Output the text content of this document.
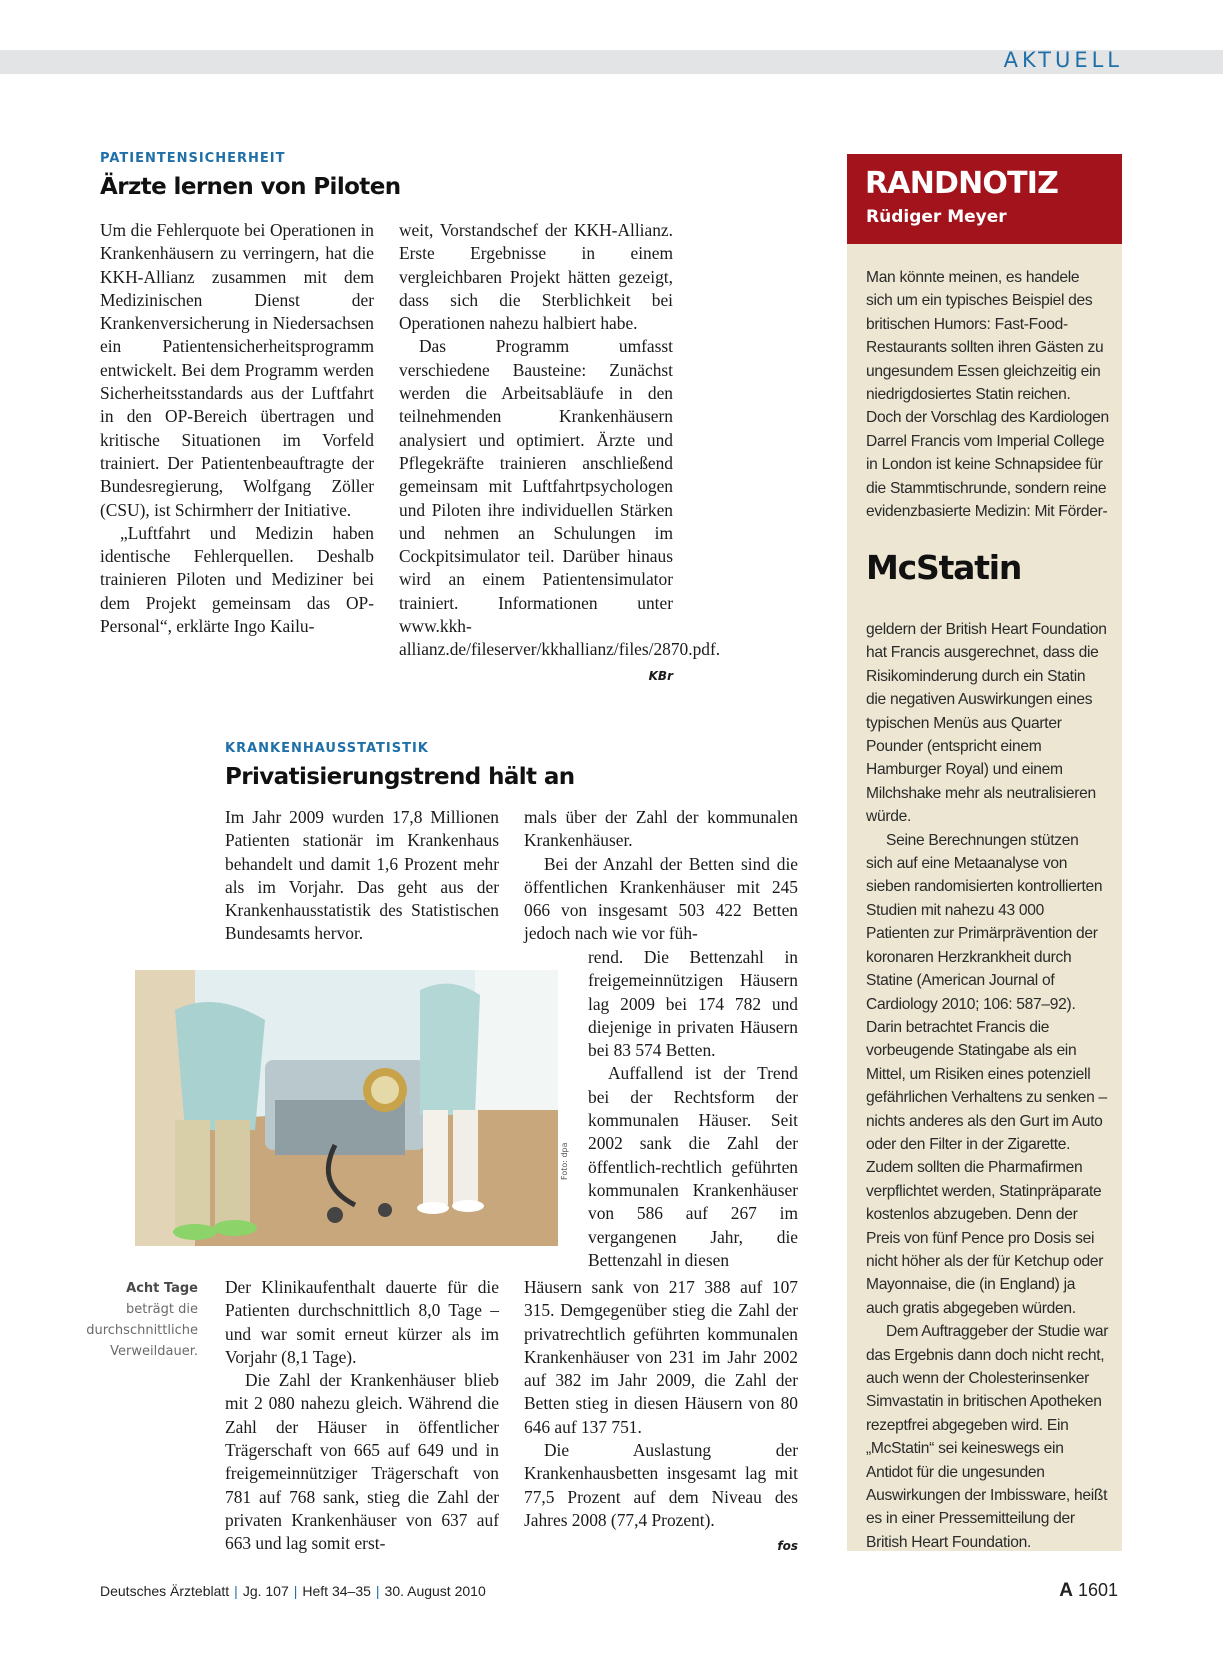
AKTUELL
PATIENTENSICHERHEIT
Ärzte lernen von Piloten

Um die Fehlerquote bei Operationen in Krankenhäusern zu verringern, hat die KKH-Allianz zusammen mit dem Medizinischen Dienst der Krankenversicherung in Niedersachsen ein Patientensicherheitsprogramm entwickelt. Bei dem Programm werden Sicherheitsstandards aus der Luftfahrt in den OP-Bereich übertragen und kritische Situationen im Vorfeld trainiert. Der Patientenbeauftragte der Bundesregierung, Wolfgang Zöller (CSU), ist Schirmherr der Initiative.

„Luftfahrt und Medizin haben identische Fehlerquellen. Deshalb trainieren Piloten und Mediziner bei dem Projekt gemeinsam das OP-Personal“, erklärte Ingo Kailu-

weit, Vorstandschef der KKH-Allianz. Erste Ergebnisse in einem vergleichbaren Projekt hätten gezeigt, dass sich die Sterblichkeit bei Operationen nahezu halbiert habe.

Das Programm umfasst verschiedene Bausteine: Zunächst werden die Arbeitsabläufe in den teilnehmenden Krankenhäusern analysiert und optimiert. Ärzte und Pflegekräfte trainieren anschließend gemeinsam mit Luftfahrtpsychologen und Piloten ihre individuellen Stärken und nehmen an Schulungen im Cockpitsimulator teil. Darüber hinaus wird an einem Patientensimulator trainiert. Informationen unter www.kkh-allianz.de/fileserver/kkhallianz/files/2870.pdf.

KBr
KRANKENHAUSSTATISTIK
Privatisierungstrend hält an

Im Jahr 2009 wurden 17,8 Millionen Patienten stationär im Krankenhaus behandelt und damit 1,6 Prozent mehr als im Vorjahr. Das geht aus der Krankenhausstatistik des Statistischen Bundesamts hervor.

mals über der Zahl der kommunalen Krankenhäuser.

Bei der Anzahl der Betten sind die öffentlichen Krankenhäuser mit 245 066 von insgesamt 503 422 Betten jedoch nach wie vor füh-

rend. Die Bettenzahl in freigemeinnützigen Häusern lag 2009 bei 174 782 und diejenige in privaten Häusern bei 83 574 Betten.

Auffallend ist der Trend bei der Rechtsform der kommunalen Häuser. Seit 2002 sank die Zahl der öffentlich-rechtlich geführten kommunalen Krankenhäuser von 586 auf 267 im vergangenen Jahr, die Bettenzahl in diesen

Häusern sank von 217 388 auf 107 315. Demgegenüber stieg die Zahl der privatrechtlich geführten kommunalen Krankenhäuser von 231 im Jahr 2002 auf 382 im Jahr 2009, die Zahl der Betten stieg in diesen Häusern von 80 646 auf 137 751.

Die Auslastung der Krankenhausbetten insgesamt lag mit 77,5 Prozent auf dem Niveau des Jahres 2008 (77,4 Prozent).

fos
Foto: dpa
Acht Tage beträgt die durchschnittliche Verweildauer.

Der Klinikaufenthalt dauerte für die Patienten durchschnittlich 8,0 Tage – und war somit erneut kürzer als im Vorjahr (8,1 Tage).

Die Zahl der Krankenhäuser blieb mit 2 080 nahezu gleich. Während die Zahl der Häuser in öffentlicher Trägerschaft von 665 auf 649 und in freigemeinnütziger Trägerschaft von 781 auf 768 sank, stieg die Zahl der privaten Krankenhäuser von 637 auf 663 und lag somit erst-

RANDNOTIZ
Rüdiger Meyer

Man könnte meinen, es handele sich um ein typisches Beispiel des britischen Humors: Fast-Food-Restaurants sollten ihren Gästen zu ungesundem Essen gleichzeitig ein niedrigdosiertes Statin reichen. Doch der Vorschlag des Kardiologen Darrel Francis vom Imperial College in London ist keine Schnapsidee für die Stammtischrunde, sondern reine evidenzbasierte Medizin: Mit Förder-

McStatin

geldern der British Heart Foundation hat Francis ausgerechnet, dass die Risikominderung durch ein Statin die negativen Auswirkungen eines typischen Menüs aus Quarter Pounder (entspricht einem Hamburger Royal) und einem Milchshake mehr als neutralisieren würde.

Seine Berechnungen stützen sich auf eine Metaanalyse von sieben randomisierten kontrollierten Studien mit nahezu 43 000 Patienten zur Primärprävention der koronaren Herzkrankheit durch Statine (American Journal of Cardiology 2010; 106: 587–92). Darin betrachtet Francis die vorbeugende Statingabe als ein Mittel, um Risiken eines potenziell gefährlichen Verhaltens zu senken – nichts anderes als den Gurt im Auto oder den Filter in der Zigarette. Zudem sollten die Pharmafirmen verpflichtet werden, Statinpräparate kostenlos abzugeben. Denn der Preis von fünf Pence pro Dosis sei nicht höher als der für Ketchup oder Mayonnaise, die (in England) ja auch gratis abgegeben würden.

Dem Auftraggeber der Studie war das Ergebnis dann doch nicht recht, auch wenn der Cholesterinsenker Simvastatin in britischen Apotheken rezeptfrei abgegeben wird. Ein „McStatin“ sei keineswegs ein Antidot für die ungesunden Auswirkungen der Imbissware, heißt es in einer Pressemitteilung der British Heart Foundation.

Deutsches Ärzteblatt | Jg. 107 | Heft 34–35 | 30. August 2010	A 1601
